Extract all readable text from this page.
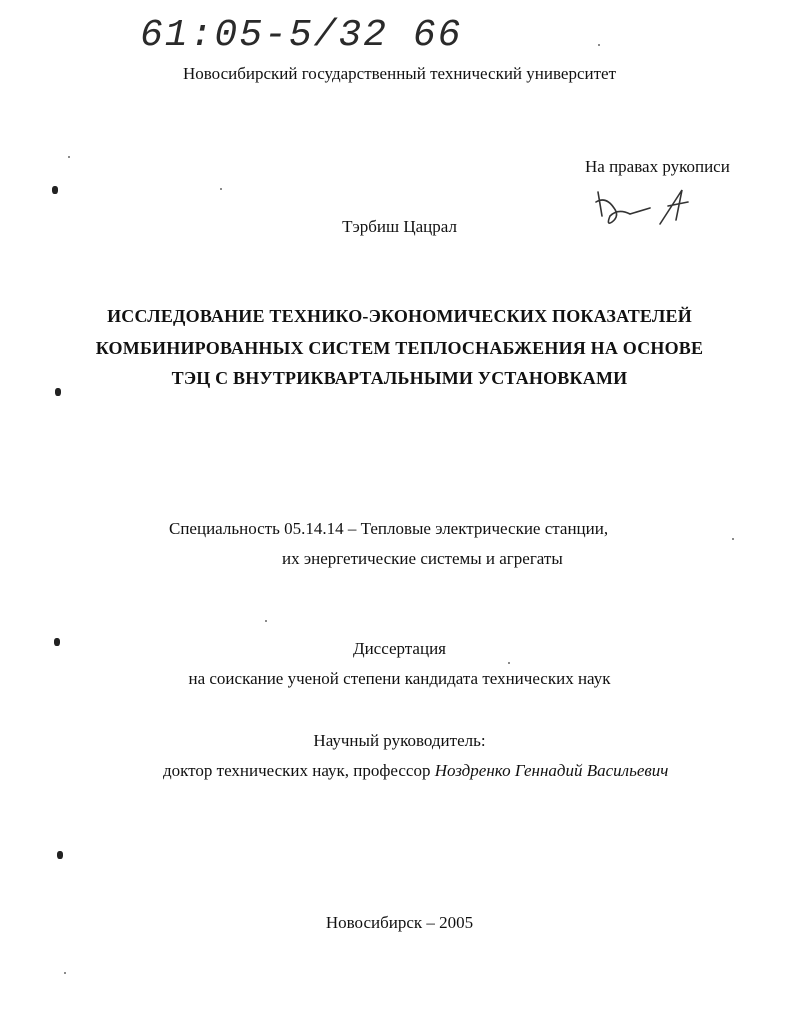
61:05-5/32 66
Новосибирский государственный технический университет
На правах рукописи
Тэрбиш Цацрал
ИССЛЕДОВАНИЕ ТЕХНИКО-ЭКОНОМИЧЕСКИХ ПОКАЗАТЕЛЕЙ
КОМБИНИРОВАННЫХ СИСТЕМ ТЕПЛОСНАБЖЕНИЯ НА ОСНОВЕ
ТЭЦ С ВНУТРИКВАРТАЛЬНЫМИ УСТАНОВКАМИ
Специальность 05.14.14 – Тепловые электрические станции,
их энергетические системы и агрегаты
Диссертация
на соискание ученой степени кандидата технических наук
Научный руководитель:
доктор технических наук, профессор Ноздренко Геннадий Васильевич
Новосибирск – 2005
